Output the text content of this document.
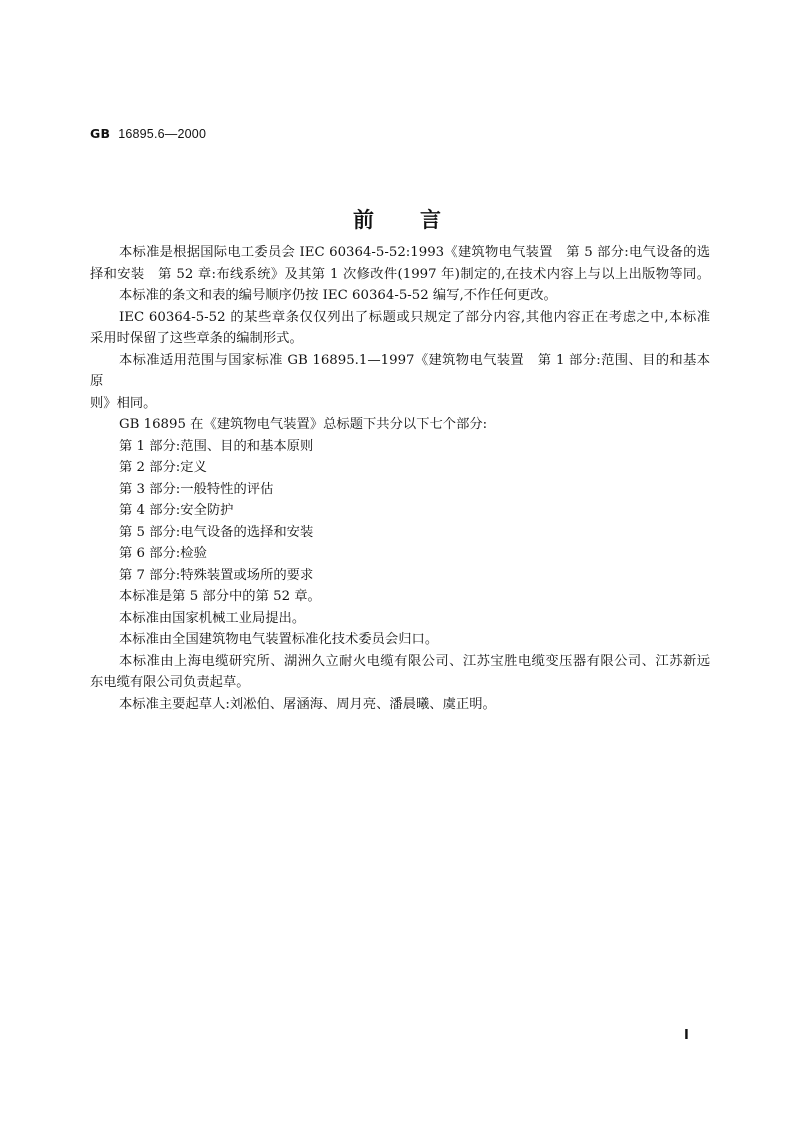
GB 16895.6—2000
前言

本标准是根据国际电工委员会 IEC 60364-5-52:1993《建筑物电气装置　第 5 部分:电气设备的选

择和安装　第 52 章:布线系统》及其第 1 次修改件(1997 年)制定的,在技术内容上与以上出版物等同。

本标准的条文和表的编号顺序仍按 IEC 60364-5-52 编写,不作任何更改。

IEC 60364-5-52 的某些章条仅仅列出了标题或只规定了部分内容,其他内容正在考虑之中,本标准

采用时保留了这些章条的编制形式。

本标准适用范围与国家标准 GB 16895.1—1997《建筑物电气装置　第 1 部分:范围、目的和基本原

则》相同。

GB 16895 在《建筑物电气装置》总标题下共分以下七个部分:

第 1 部分:范围、目的和基本原则

第 2 部分:定义

第 3 部分:一般特性的评估

第 4 部分:安全防护

第 5 部分:电气设备的选择和安装

第 6 部分:检验

第 7 部分:特殊装置或场所的要求

本标准是第 5 部分中的第 52 章。

本标准由国家机械工业局提出。

本标准由全国建筑物电气装置标准化技术委员会归口。

本标准由上海电缆研究所、湖洲久立耐火电缆有限公司、江苏宝胜电缆变压器有限公司、江苏新远

东电缆有限公司负责起草。

本标准主要起草人:刘凇伯、屠涵海、周月亮、潘晨曦、虞正明。

I
